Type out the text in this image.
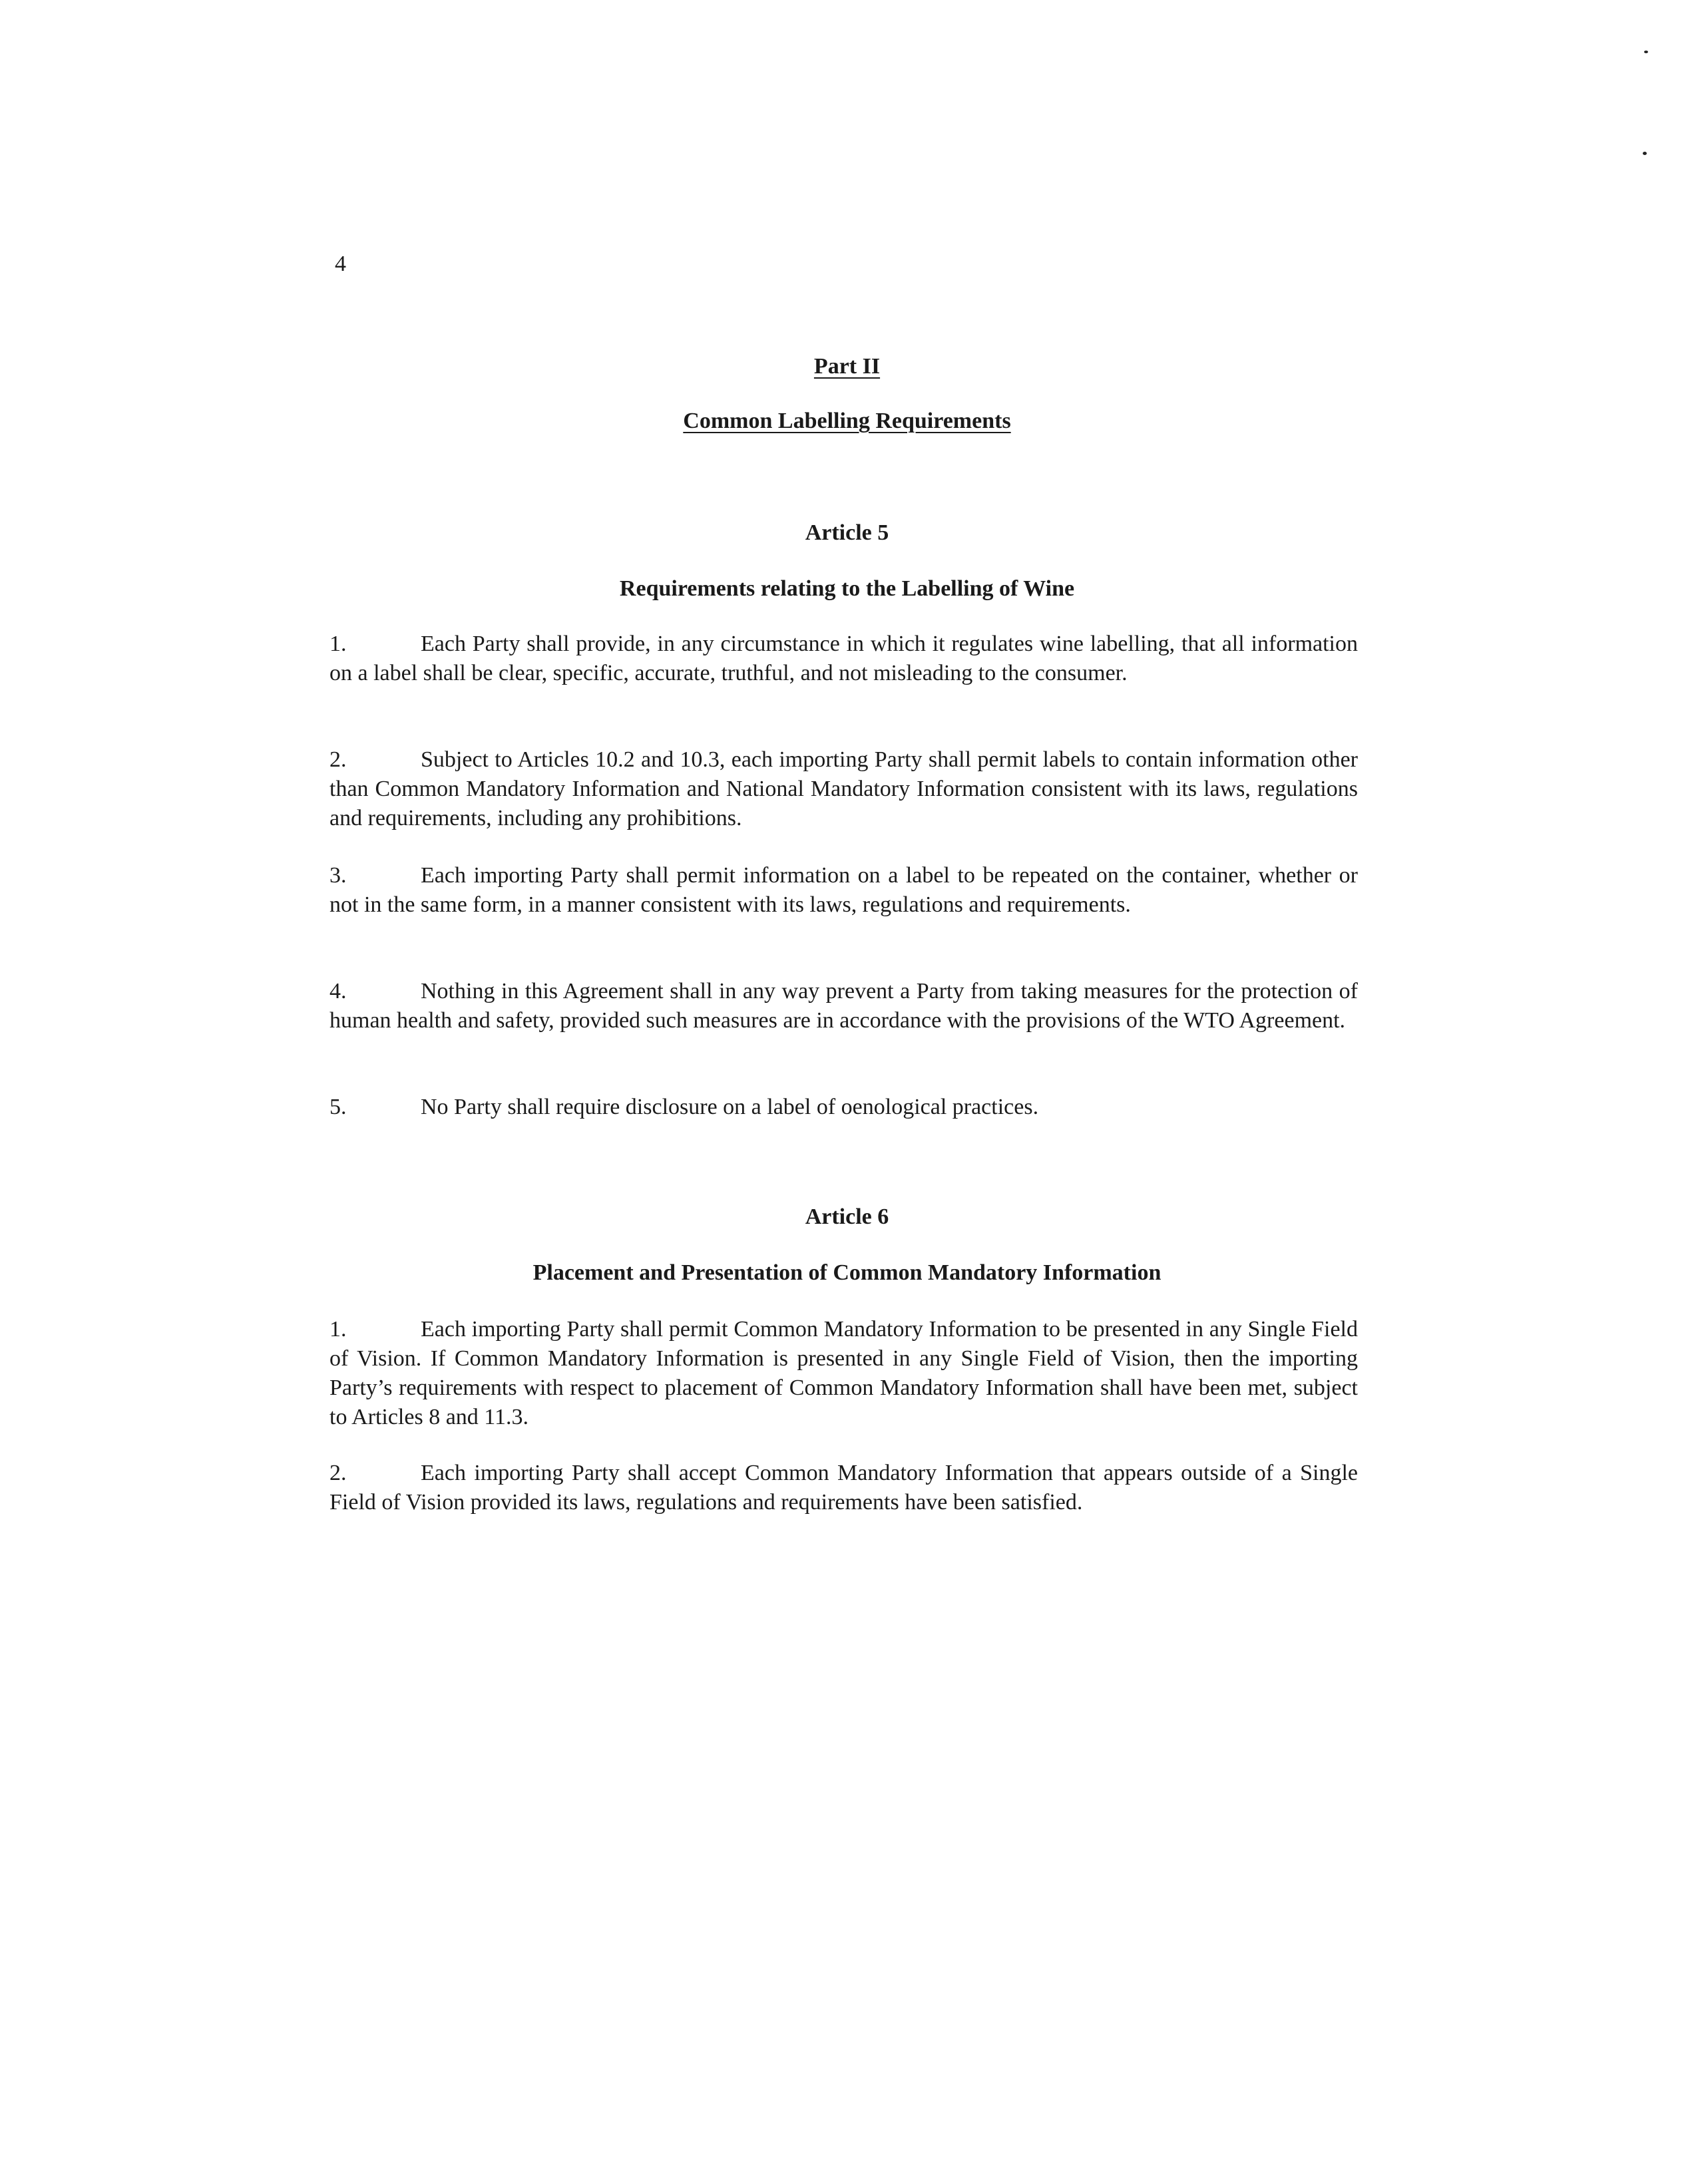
4
Part II
Common Labelling Requirements
Article 5
Requirements relating to the Labelling of Wine
1.	Each Party shall provide, in any circumstance in which it regulates wine labelling, that all information on a label shall be clear, specific, accurate, truthful, and not misleading to the consumer.
2.	Subject to Articles 10.2 and 10.3, each importing Party shall permit labels to contain information other than Common Mandatory Information and National Mandatory Information consistent with its laws, regulations and requirements, including any prohibitions.
3.	Each importing Party shall permit information on a label to be repeated on the container, whether or not in the same form, in a manner consistent with its laws, regulations and requirements.
4.	Nothing in this Agreement shall in any way prevent a Party from taking measures for the protection of human health and safety, provided such measures are in accordance with the provisions of the WTO Agreement.
5.	No Party shall require disclosure on a label of oenological practices.
Article 6
Placement and Presentation of Common Mandatory Information
1.	Each importing Party shall permit Common Mandatory Information to be presented in any Single Field of Vision. If Common Mandatory Information is presented in any Single Field of Vision, then the importing Party’s requirements with respect to placement of Common Mandatory Information shall have been met, subject to Articles 8 and 11.3.
2.	Each importing Party shall accept Common Mandatory Information that appears outside of a Single Field of Vision provided its laws, regulations and requirements have been satisfied.
